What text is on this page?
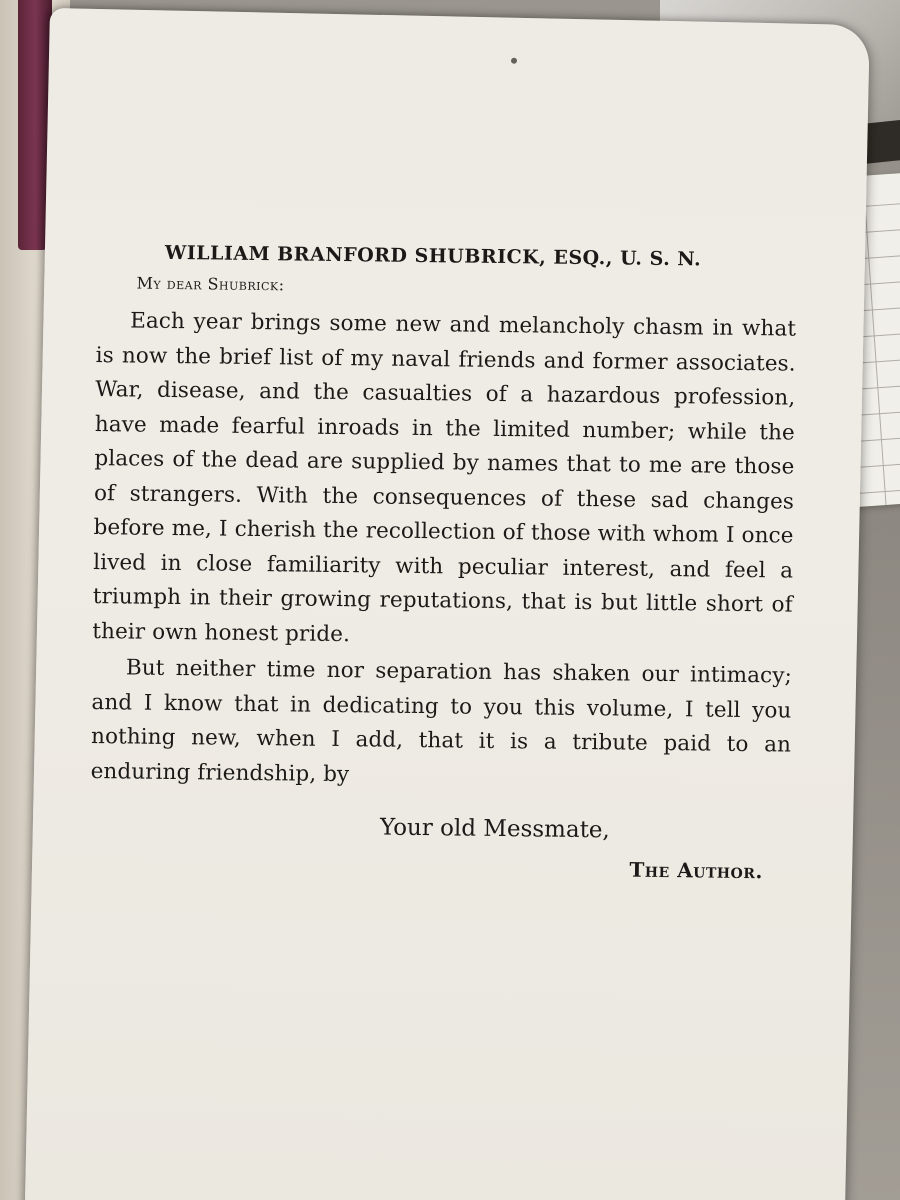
WILLIAM BRANFORD SHUBRICK, ESQ., U. S. N.
My dear Shubrick:

Each year brings some new and melancholy chasm in what is now the brief list of my naval friends and former associates. War, disease, and the casualties of a hazardous profession, have made fearful inroads in the limited number; while the places of the dead are supplied by names that to me are those of strangers. With the consequences of these sad changes before me, I cherish the recollection of those with whom I once lived in close familiarity with peculiar interest, and feel a triumph in their growing reputations, that is but little short of their own honest pride.

But neither time nor separation has shaken our intimacy; and I know that in dedicating to you this volume, I tell you nothing new, when I add, that it is a tribute paid to an enduring friendship, by

Your old Messmate,
The Author.
